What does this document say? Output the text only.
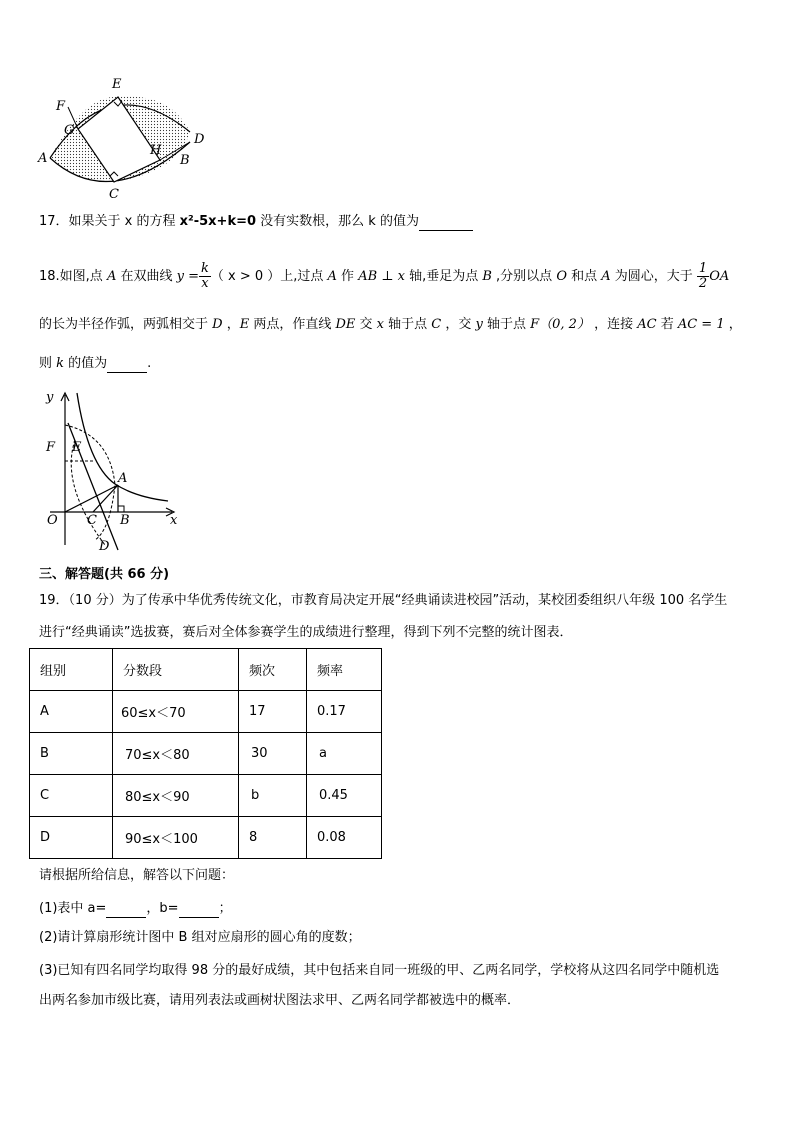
E
F
G
D
H
A	B
C
17．如果关于 x 的方程 x²-5x+k=0 没有实数根，那么 k 的值为
18.如图,点 A 在双曲线 $y = \frac{k}{x}$ （ x > 0 ）上,过点 A 作 AB ⊥ x 轴,垂足为点 B ,分别以点 O 和点 A 为圆心，大于 $\frac{1}{2}$ OA
的长为半径作弧，两弧相交于 D ，E 两点，作直线 DE 交 x 轴于点 C ，交 y 轴于点 F（0, 2） ，连接 AC 若 AC = 1 ，
则 k 的值为	.
y
x
F E
A
O C B
D
三、解答题(共 66 分)
19．（10 分）为了传承中华优秀传统文化，市教育局决定开展“经典诵读进校园”活动，某校团委组织八年级 100 名学生
进行“经典诵读”选拔赛，赛后对全体参赛学生的成绩进行整理，得到下列不完整的统计图表．
组别	分数段	频次	频率
A	60≤x＜70	17	0.17
B	70≤x＜80	30	a
C	80≤x＜90	b	0.45
D	90≤x＜100	8	0.08
请根据所给信息，解答以下问题：
(1)表中 a=	，b=	；
(2)请计算扇形统计图中 B 组对应扇形的圆心角的度数；
(3)已知有四名同学均取得 98 分的最好成绩，其中包括来自同一班级的甲、乙两名同学，学校将从这四名同学中随机选
出两名参加市级比赛，请用列表法或画树状图法求甲、乙两名同学都被选中的概率．
